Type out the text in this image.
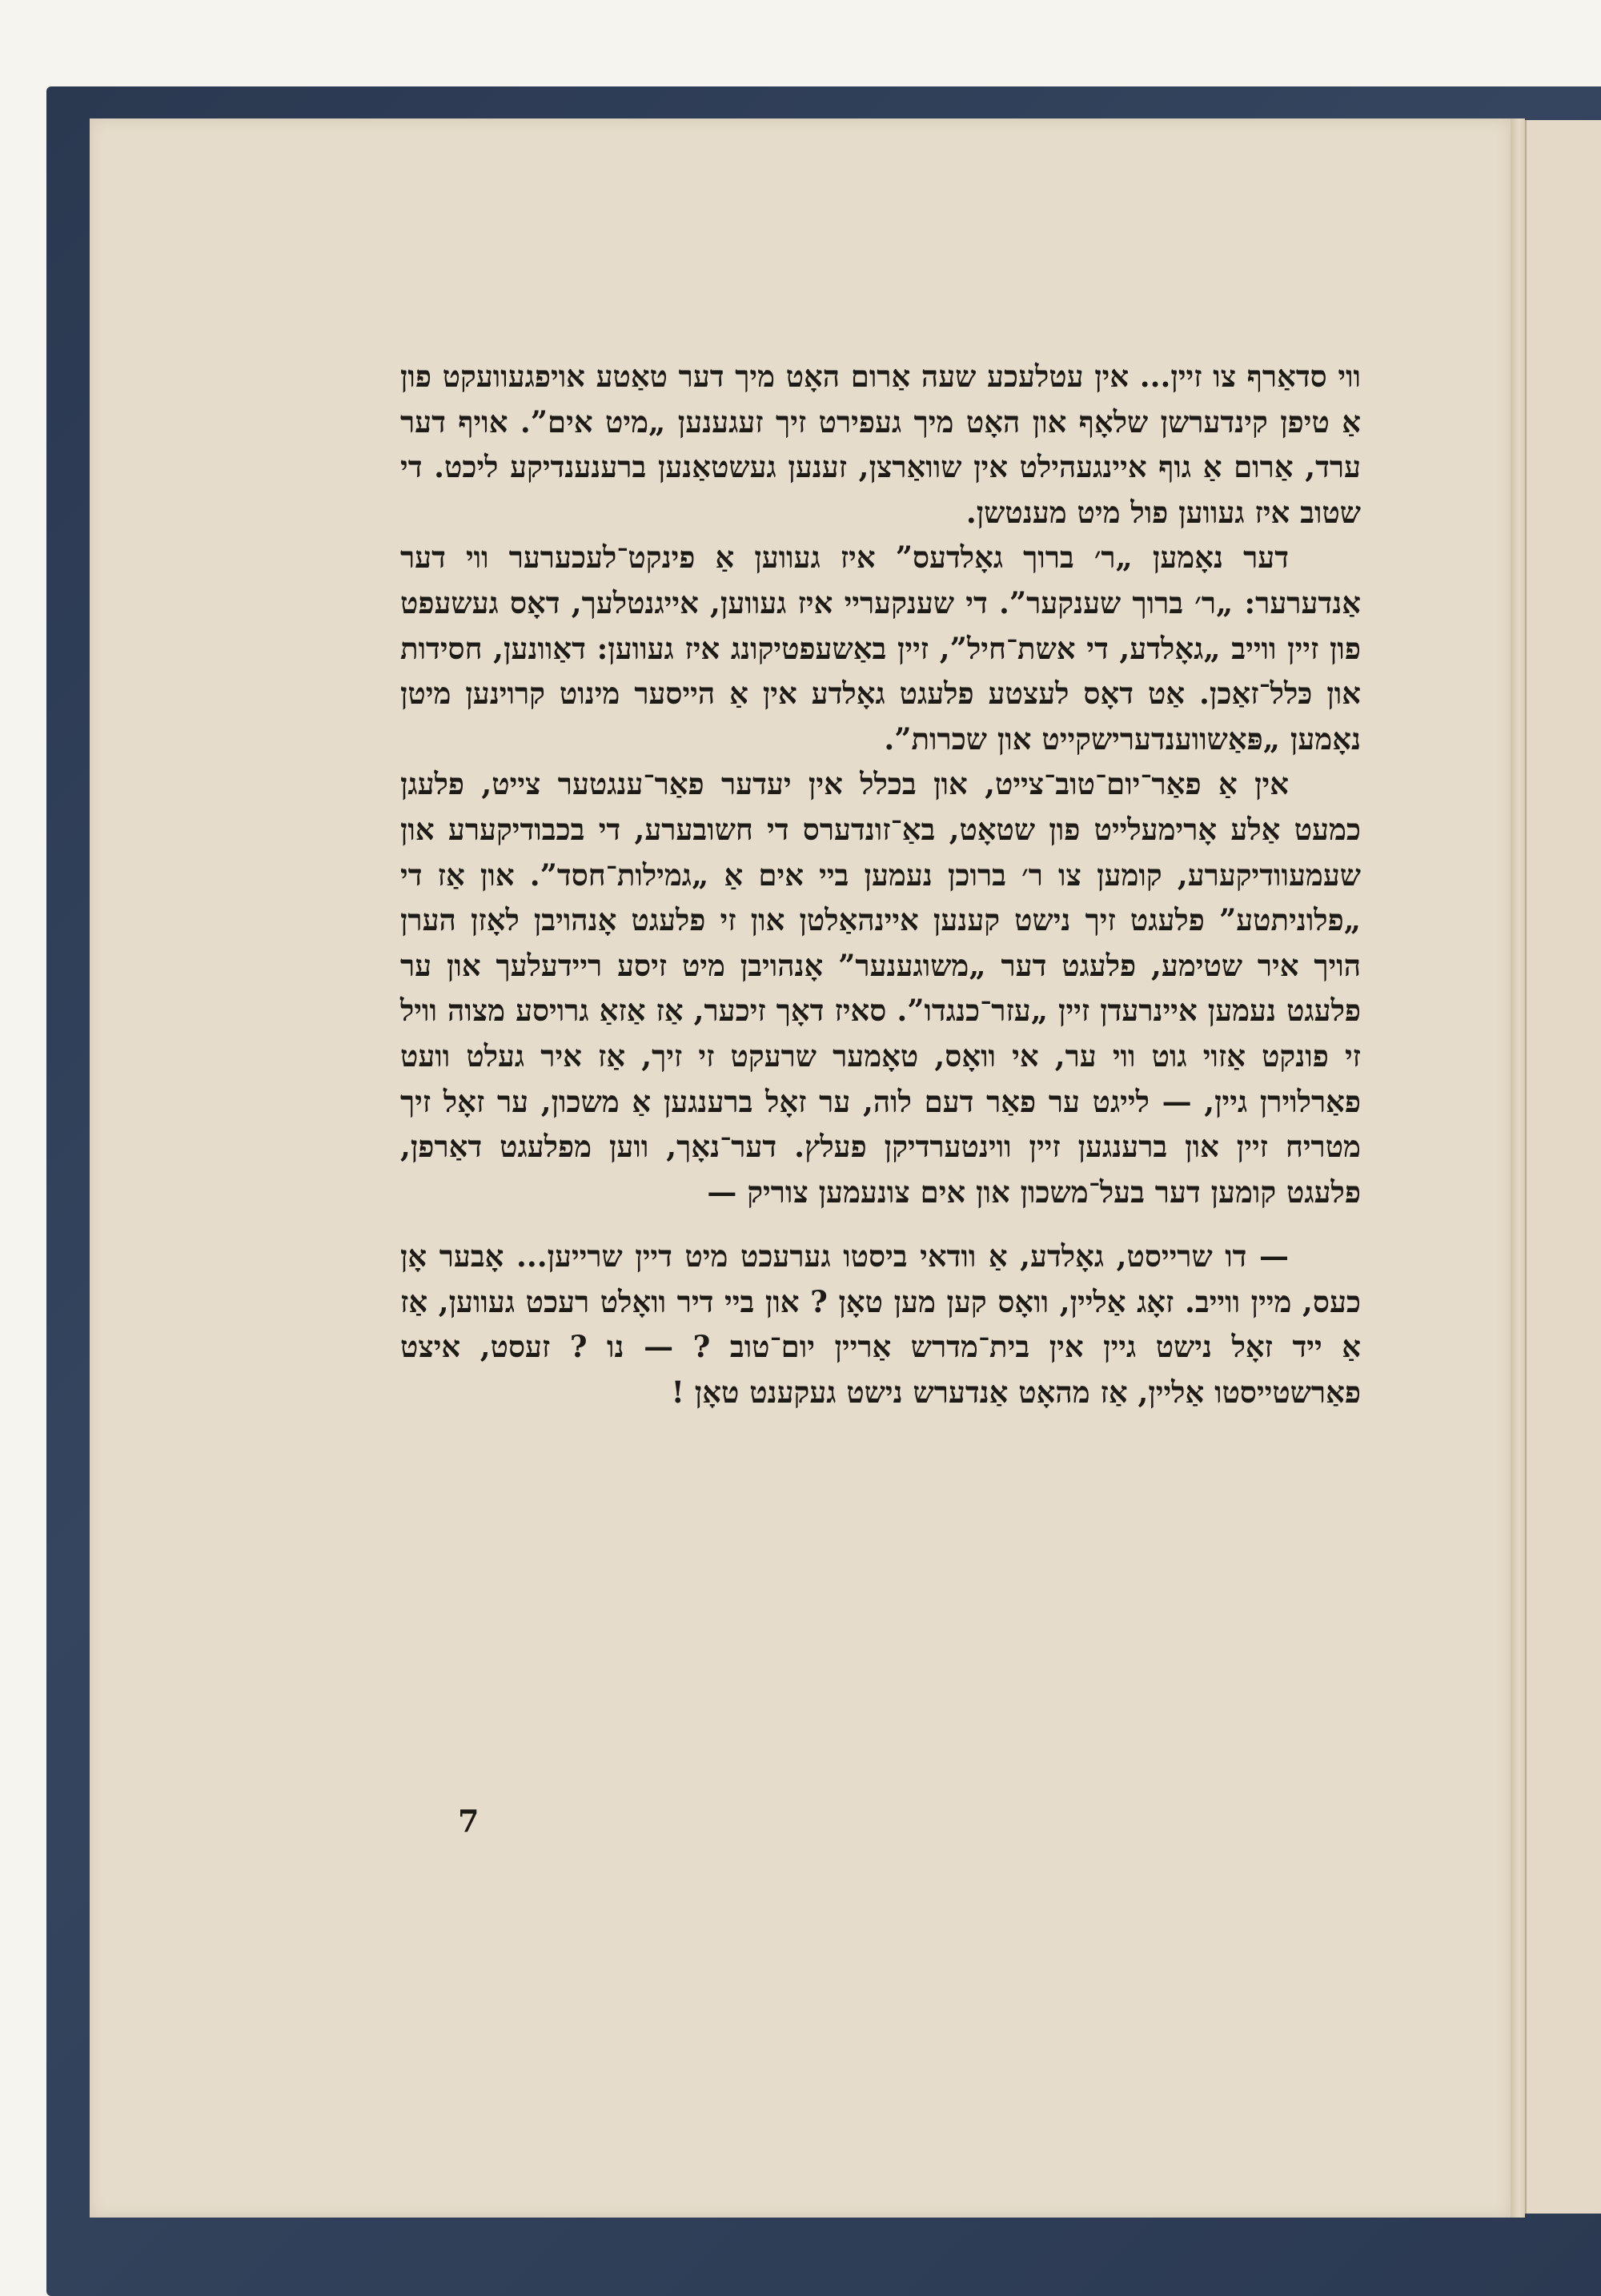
ווי סדאַרף צו זיין... אין עטלעכע שעה אַרום האָט מיך דער טאַטע אויפגעוועקט פון אַ טיפן קינדערשן שלאָף און האָט מיך געפירט זיך זעגענען „מיט אים”. אויף דער ערד, אַרום אַ גוף איינגעהילט אין שוואַרצן, זענען געשטאַנען ברענענדיקע ליכט. די שטוב איז געווען פול מיט מענטשן.

דער נאָמען „ר׳ ברוך גאָלדעס” איז געווען אַ פינקט־לעכערער ווי דער אַנדערער: „ר׳ ברוך שענקער”. די שענקעריי איז געווען, אייגנטלעך, דאָס געשעפט פון זיין ווייב „גאָלדע, די אשת־חיל”, זיין באַשעפטיקונג איז געווען: דאַוונען, חסידות און כּלל־זאַכן. אַט דאָס לעצטע פלעגט גאָלדע אין אַ הייסער מינוט קרוינען מיטן נאָמען „פּאַשווענדערישקייט און שכרות”.

אין אַ פאַר־יום־טוב־צייט, און בכלל אין יעדער פאַר־ענגטער צייט, פלעגן כמעט אַלע אָרימעלייט פון שטאָט, באַ־זונדערס די חשובערע, די בכבודיקערע און שעמעוודיקערע, קומען צו ר׳ ברוכן נעמען ביי אים אַ „גמילות־חסד”. און אַז די „פלוניתטע” פלעגט זיך נישט קענען איינהאַלטן און זי פלעגט אָנהויבן לאָזן הערן הויך איר שטימע, פלעגט דער „משוגענער” אָנהויבן מיט זיסע ריידעלעך און ער פלעגט נעמען איינרעדן זיין „עזר־כנגדו”. סאיז דאָך זיכער, אַז אַזאַ גרויסע מצוה וויל זי פונקט אַזוי גוט ווי ער, אי וואָס, טאָמער שרעקט זי זיך, אַז איר געלט וועט פאַרלוירן גיין, — לייגט ער פאַר דעם לוה, ער זאָל ברענגען אַ משכון, ער זאָל זיך מטריח זיין און ברענגען זיין ווינטערדיקן פעלץ. דער־נאָך, ווען מפלעגט דאַרפן, פלעגט קומען דער בעל־משכון און אים צונעמען צוריק —

— דו שרייסט, גאָלדע, אַ וודאי ביסטו גערעכט מיט דיין שרייען... אָבער אָן כעס, מיין ווייב. זאָג אַליין, וואָס קען מען טאָן ? און ביי דיר וואָלט רעכט געווען, אַז אַ ייד זאָל נישט גיין אין בית־מדרש אַריין יום־טוב ? — נו ? זעסט, איצט פאַרשטייסטו אַליין, אַז מהאָט אַנדערש נישט געקענט טאָן !

7
